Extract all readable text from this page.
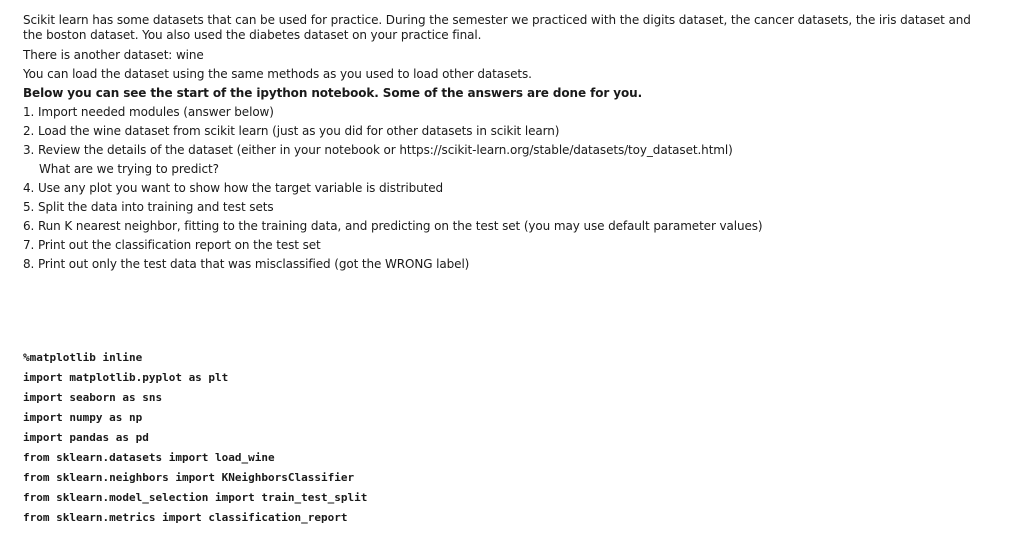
Scikit learn has some datasets that can be used for practice. During the semester we practiced with the digits dataset, the cancer datasets, the iris dataset and the boston dataset. You also used the diabetes dataset on your practice final.

There is another dataset: wine

You can load the dataset using the same methods as you used to load other datasets.

Below you can see the start of the ipython notebook. Some of the answers are done for you.

1. Import needed modules (answer below)

2. Load the wine dataset from scikit learn (just as you did for other datasets in scikit learn)

3. Review the details of the dataset (either in your notebook or https://scikit-learn.org/stable/datasets/toy_dataset.html)

What are we trying to predict?

4. Use any plot you want to show how the target variable is distributed

5. Split the data into training and test sets

6. Run K nearest neighbor, fitting to the training data, and predicting on the test set (you may use default parameter values)

7. Print out the classification report on the test set

8. Print out only the test data that was misclassified (got the WRONG label)

%matplotlib inline

import matplotlib.pyplot as plt

import seaborn as sns

import numpy as np

import pandas as pd

from sklearn.datasets import load_wine

from sklearn.neighbors import KNeighborsClassifier

from sklearn.model_selection import train_test_split

from sklearn.metrics import classification_report
